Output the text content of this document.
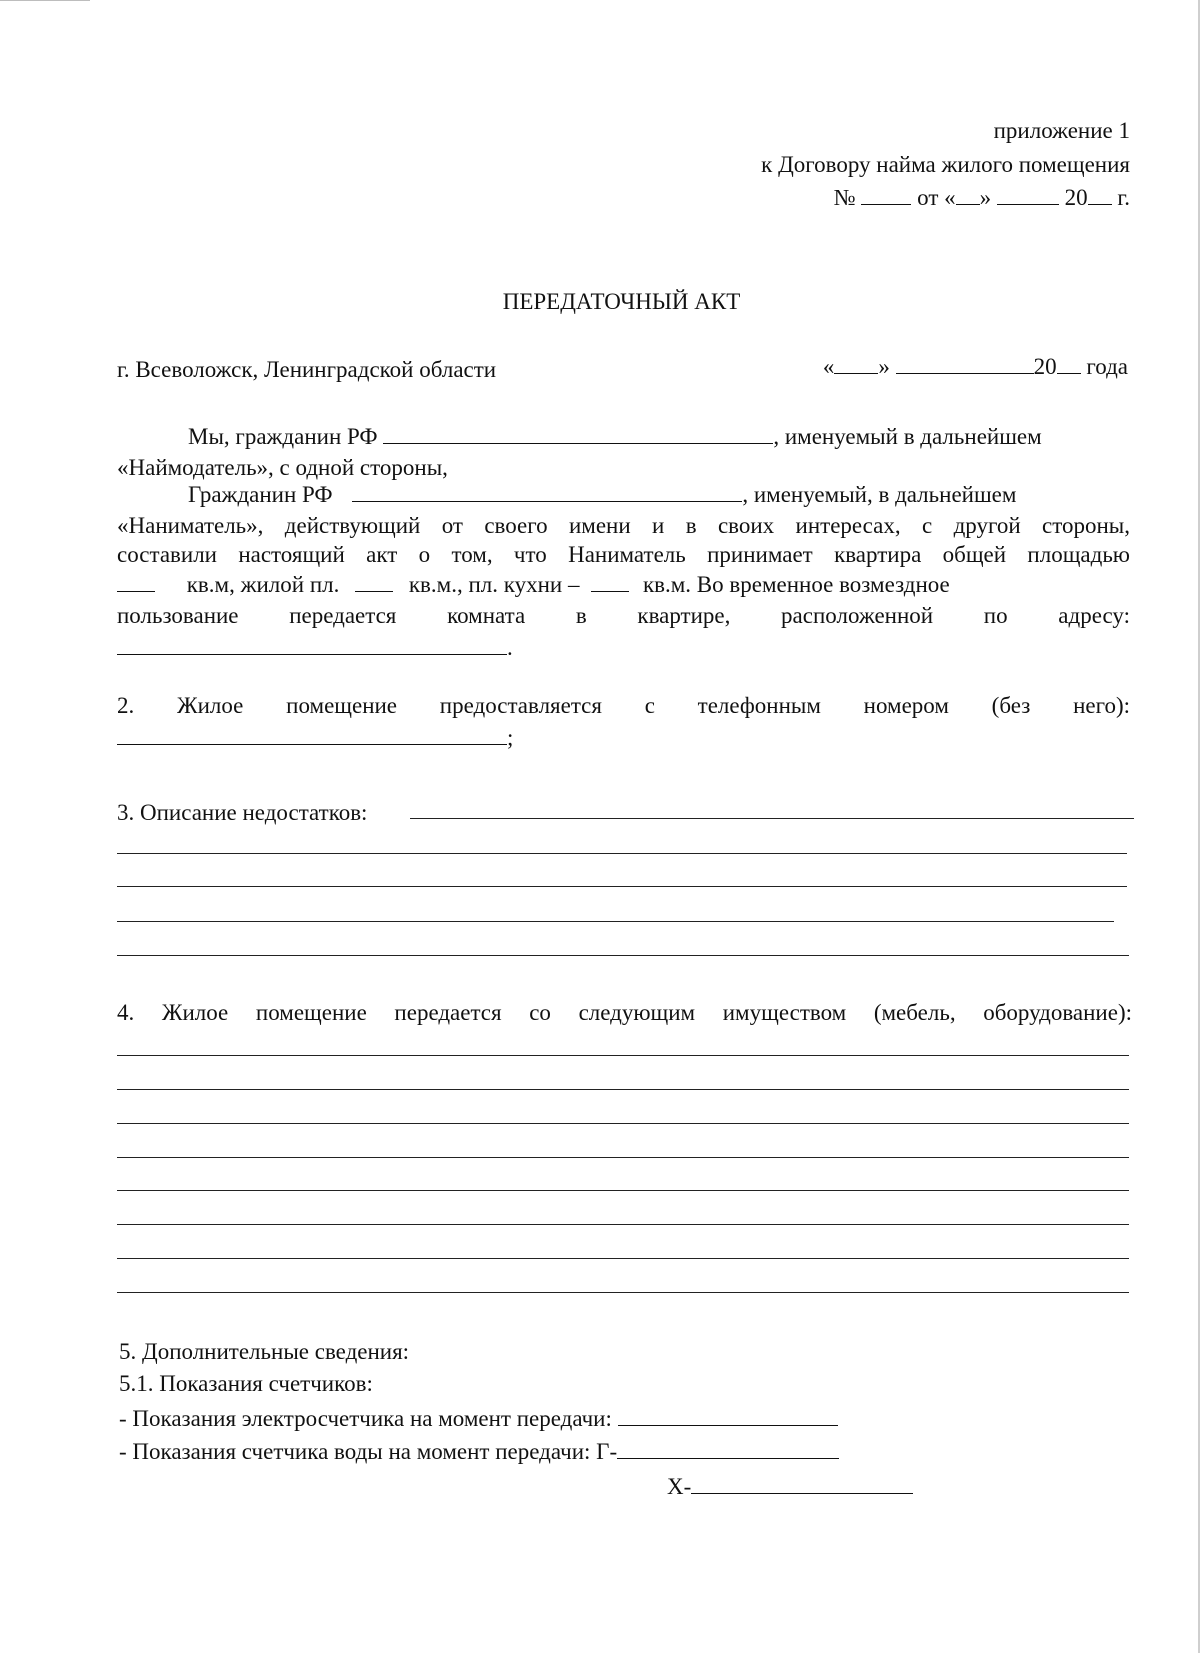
приложение 1
к Договору найма жилого помещения
№	от « »	20 г.
ПЕРЕДАТОЧНЫЙ АКТ
г. Всеволожск, Ленинградской области	« »	20 года
Мы, гражданин РФ	, именуемый в дальнейшем
«Наймодатель», с одной стороны,
Гражданин РФ	, именуемый, в дальнейшем
«Наниматель», действующий от своего имени и в своих интересах, с другой стороны,
составили настоящий акт о том, что Наниматель принимает квартира общей площадью
кв.м, жилой пл.	кв.м., пл. кухни –	кв.м. Во временное возмездное
пользование передается комната в квартире, расположенной по адресу:
.
2. Жилое помещение предоставляется с телефонным номером (без него):
;
3. Описание недостатков:
4. Жилое помещение передается со следующим имуществом (мебель, оборудование):
5. Дополнительные сведения:
5.1. Показания счетчиков:
- Показания электросчетчика на момент передачи:
- Показания счетчика воды на момент передачи: Г-
Х-
